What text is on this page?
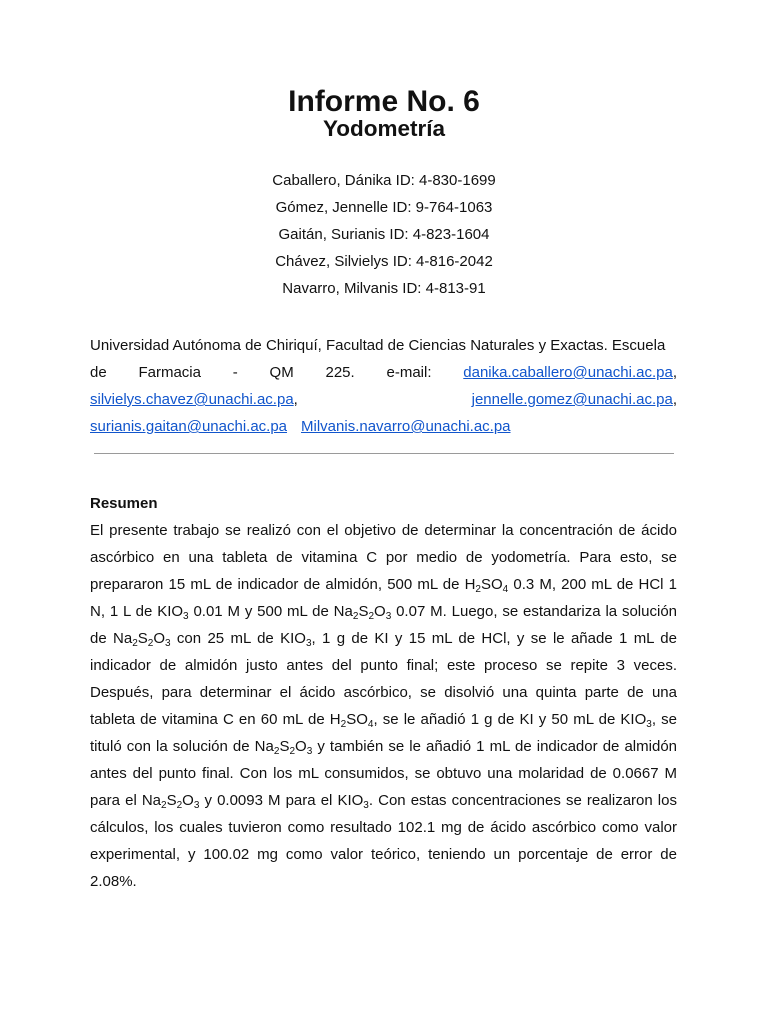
Informe No. 6
Yodometría
Caballero, Dánika ID: 4-830-1699
Gómez, Jennelle ID: 9-764-1063
Gaitán, Surianis ID: 4-823-1604
Chávez, Silvielys ID: 4-816-2042
Navarro, Milvanis ID: 4-813-91
Universidad Autónoma de Chiriquí, Facultad de Ciencias Naturales y Exactas. Escuela
de Farmacia - QM 225. e-mail: danika.caballero@unachi.ac.pa,
silvielys.chavez@unachi.ac.pa,	jennelle.gomez@unachi.ac.pa,
surianis.gaitan@unachi.ac.pa Milvanis.navarro@unachi.ac.pa
Resumen

El presente trabajo se realizó con el objetivo de determinar la concentración de ácido ascórbico en una tableta de vitamina C por medio de yodometría. Para esto, se prepararon 15 mL de indicador de almidón, 500 mL de $H_2SO_4$ 0.3 M, 200 mL de HCl 1 N, 1 L de $KIO_3$ 0.01 M y 500 mL de $Na_2S_2O_3$ 0.07 M. Luego, se estandariza la solución de $Na_2S_2O_3$ con 25 mL de $KIO_3$, 1 g de KI y 15 mL de HCl, y se le añade 1 mL de indicador de almidón justo antes del punto final; este proceso se repite 3 veces. Después, para determinar el ácido ascórbico, se disolvió una quinta parte de una tableta de vitamina C en 60 mL de $H_2SO_4$, se le añadió 1 g de KI y 50 mL de $KIO_3$, se tituló con la solución de $Na_2S_2O_3$ y también se le añadió 1 mL de indicador de almidón antes del punto final. Con los mL consumidos, se obtuvo una molaridad de 0.0667 M para el $Na_2S_2O_3$ y 0.0093 M para el $KIO_3$. Con estas concentraciones se realizaron los cálculos, los cuales tuvieron como resultado 102.1 mg de ácido ascórbico como valor experimental, y 100.02 mg como valor teórico, teniendo un porcentaje de error de 2.08%.
